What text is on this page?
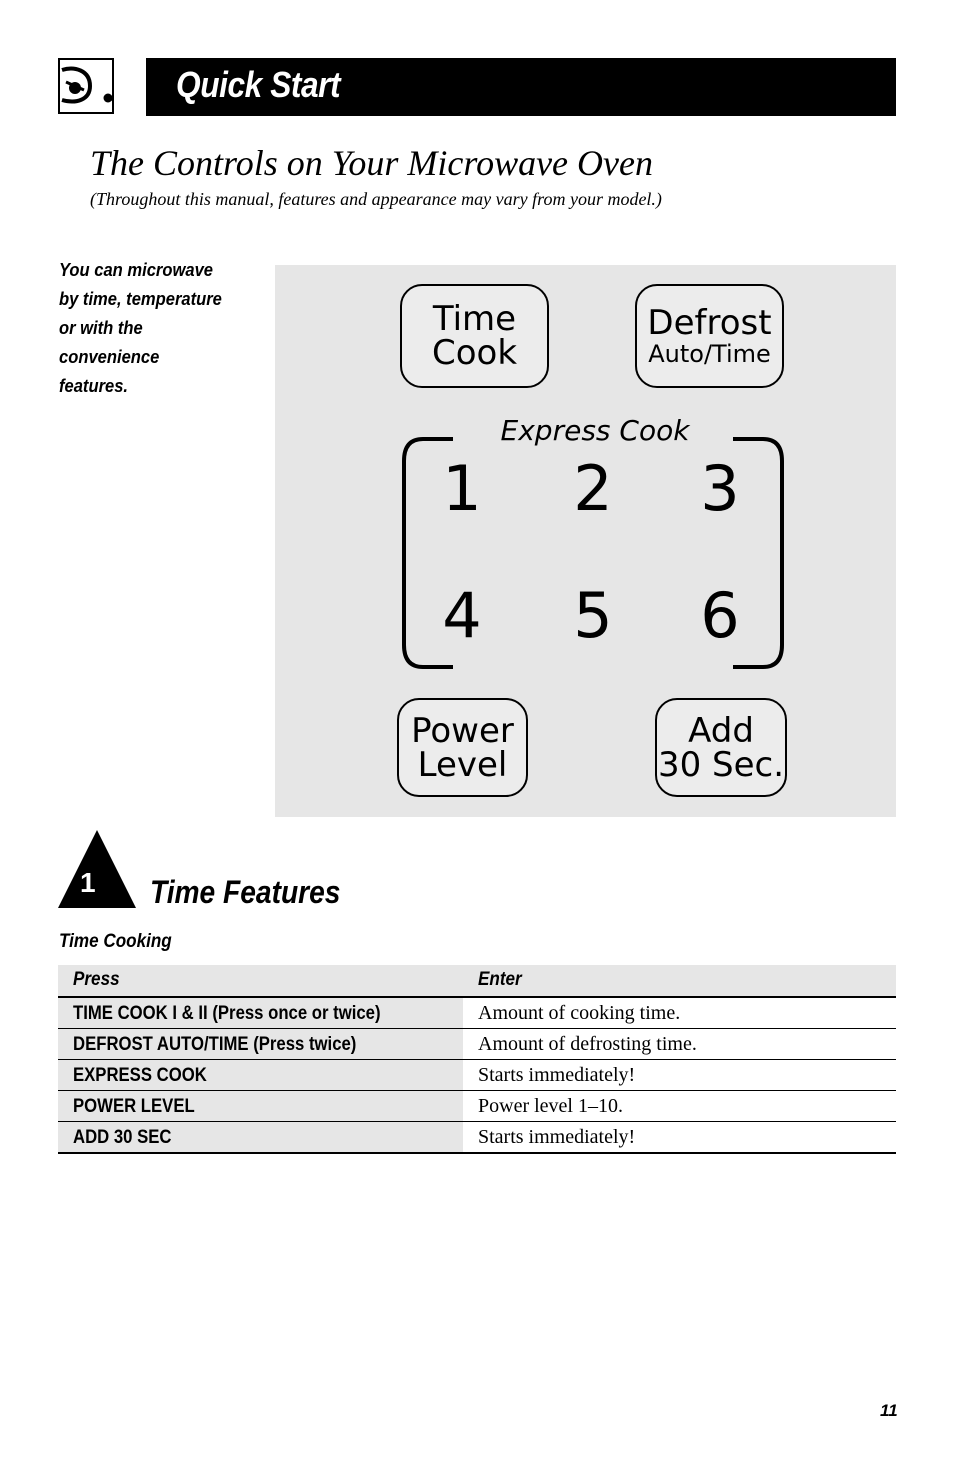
Quick Start
The Controls on Your Microwave Oven
(Throughout this manual, features and appearance may vary from your model.)
You can microwave
by time, temperature
or with the
convenience
features.
Time
Cook
Defrost
Auto/Time
Express Cook
1 2 3
4 5 6
Power
Level
Add
30 Sec.
1 Time Features
Time Cooking
Press	Enter
TIME COOK I & II (Press once or twice)	Amount of cooking time.
DEFROST AUTO/TIME (Press twice)	Amount of defrosting time.
EXPRESS COOK	Starts immediately!
POWER LEVEL	Power level 1–10.
ADD 30 SEC	Starts immediately!
11
